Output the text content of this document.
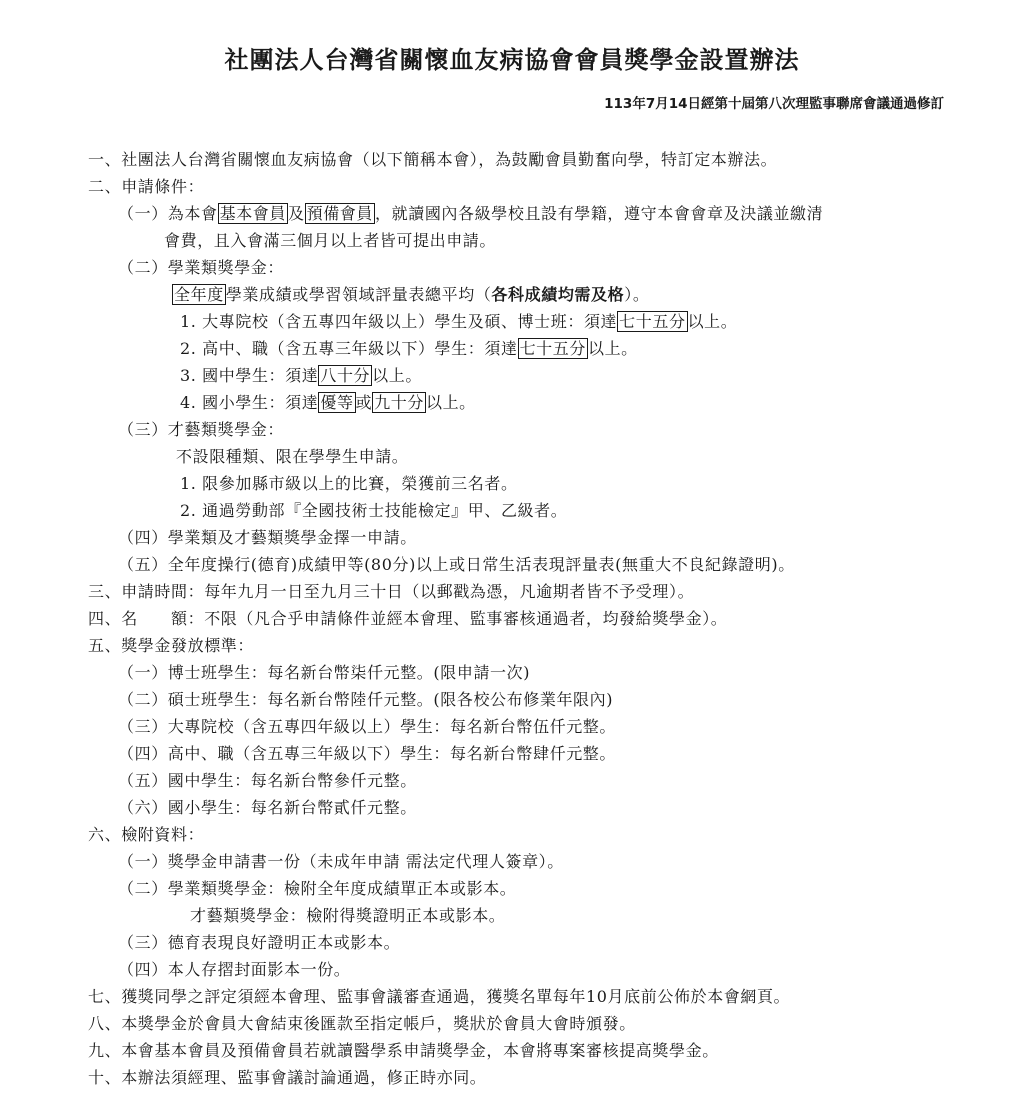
社團法人台灣省關懷血友病協會會員獎學金設置辦法
113年7月14日經第十屆第八次理監事聯席會議通過修訂
一、社團法人台灣省關懷血友病協會（以下簡稱本會），為鼓勵會員勤奮向學，特訂定本辦法。
二、申請條件：
（一）為本會 基本會員 及 預備會員 ，就讀國內各級學校且設有學籍，遵守本會會章及決議並繳清
會費，且入會滿三個月以上者皆可提出申請。
（二）學業類獎學金：
全年度 學業成績或學習領域評量表總平均（各科成績均需及格）。
1. 大專院校（含五專四年級以上）學生及碩、博士班：須達 七十五分 以上。
2. 高中、職（含五專三年級以下）學生：須達 七十五分 以上。
3. 國中學生：須達 八十分 以上。
4. 國小學生：須達 優等 或 九十分 以上。
（三）才藝類獎學金：
不設限種類、限在學學生申請。
1. 限參加縣市級以上的比賽，榮獲前三名者。
2. 通過勞動部『全國技術士技能檢定』甲、乙級者。
（四）學業類及才藝類獎學金擇一申請。
（五）全年度操行(德育)成績甲等(80分)以上或日常生活表現評量表(無重大不良紀錄證明)。
三、申請時間：每年九月一日至九月三十日（以郵戳為憑，凡逾期者皆不予受理）。
四、名　　額：不限（凡合乎申請條件並經本會理、監事審核通過者，均發給獎學金）。
五、獎學金發放標準：
（一）博士班學生：每名新台幣柒仟元整。(限申請一次)
（二）碩士班學生：每名新台幣陸仟元整。(限各校公布修業年限內)
（三）大專院校（含五專四年級以上）學生：每名新台幣伍仟元整。
（四）高中、職（含五專三年級以下）學生：每名新台幣肆仟元整。
（五）國中學生：每名新台幣參仟元整。
（六）國小學生：每名新台幣貳仟元整。
六、檢附資料：
（一）獎學金申請書一份（未成年申請 需法定代理人簽章）。
（二）學業類獎學金：檢附全年度成績單正本或影本。
才藝類獎學金：檢附得獎證明正本或影本。
（三）德育表現良好證明正本或影本。
（四）本人存摺封面影本一份。
七、獲獎同學之評定須經本會理、監事會議審查通過，獲獎名單每年10月底前公佈於本會網頁。
八、本獎學金於會員大會結束後匯款至指定帳戶，獎狀於會員大會時頒發。
九、本會基本會員及預備會員若就讀醫學系申請獎學金，本會將專案審核提高獎學金。
十、本辦法須經理、監事會議討論通過，修正時亦同。
